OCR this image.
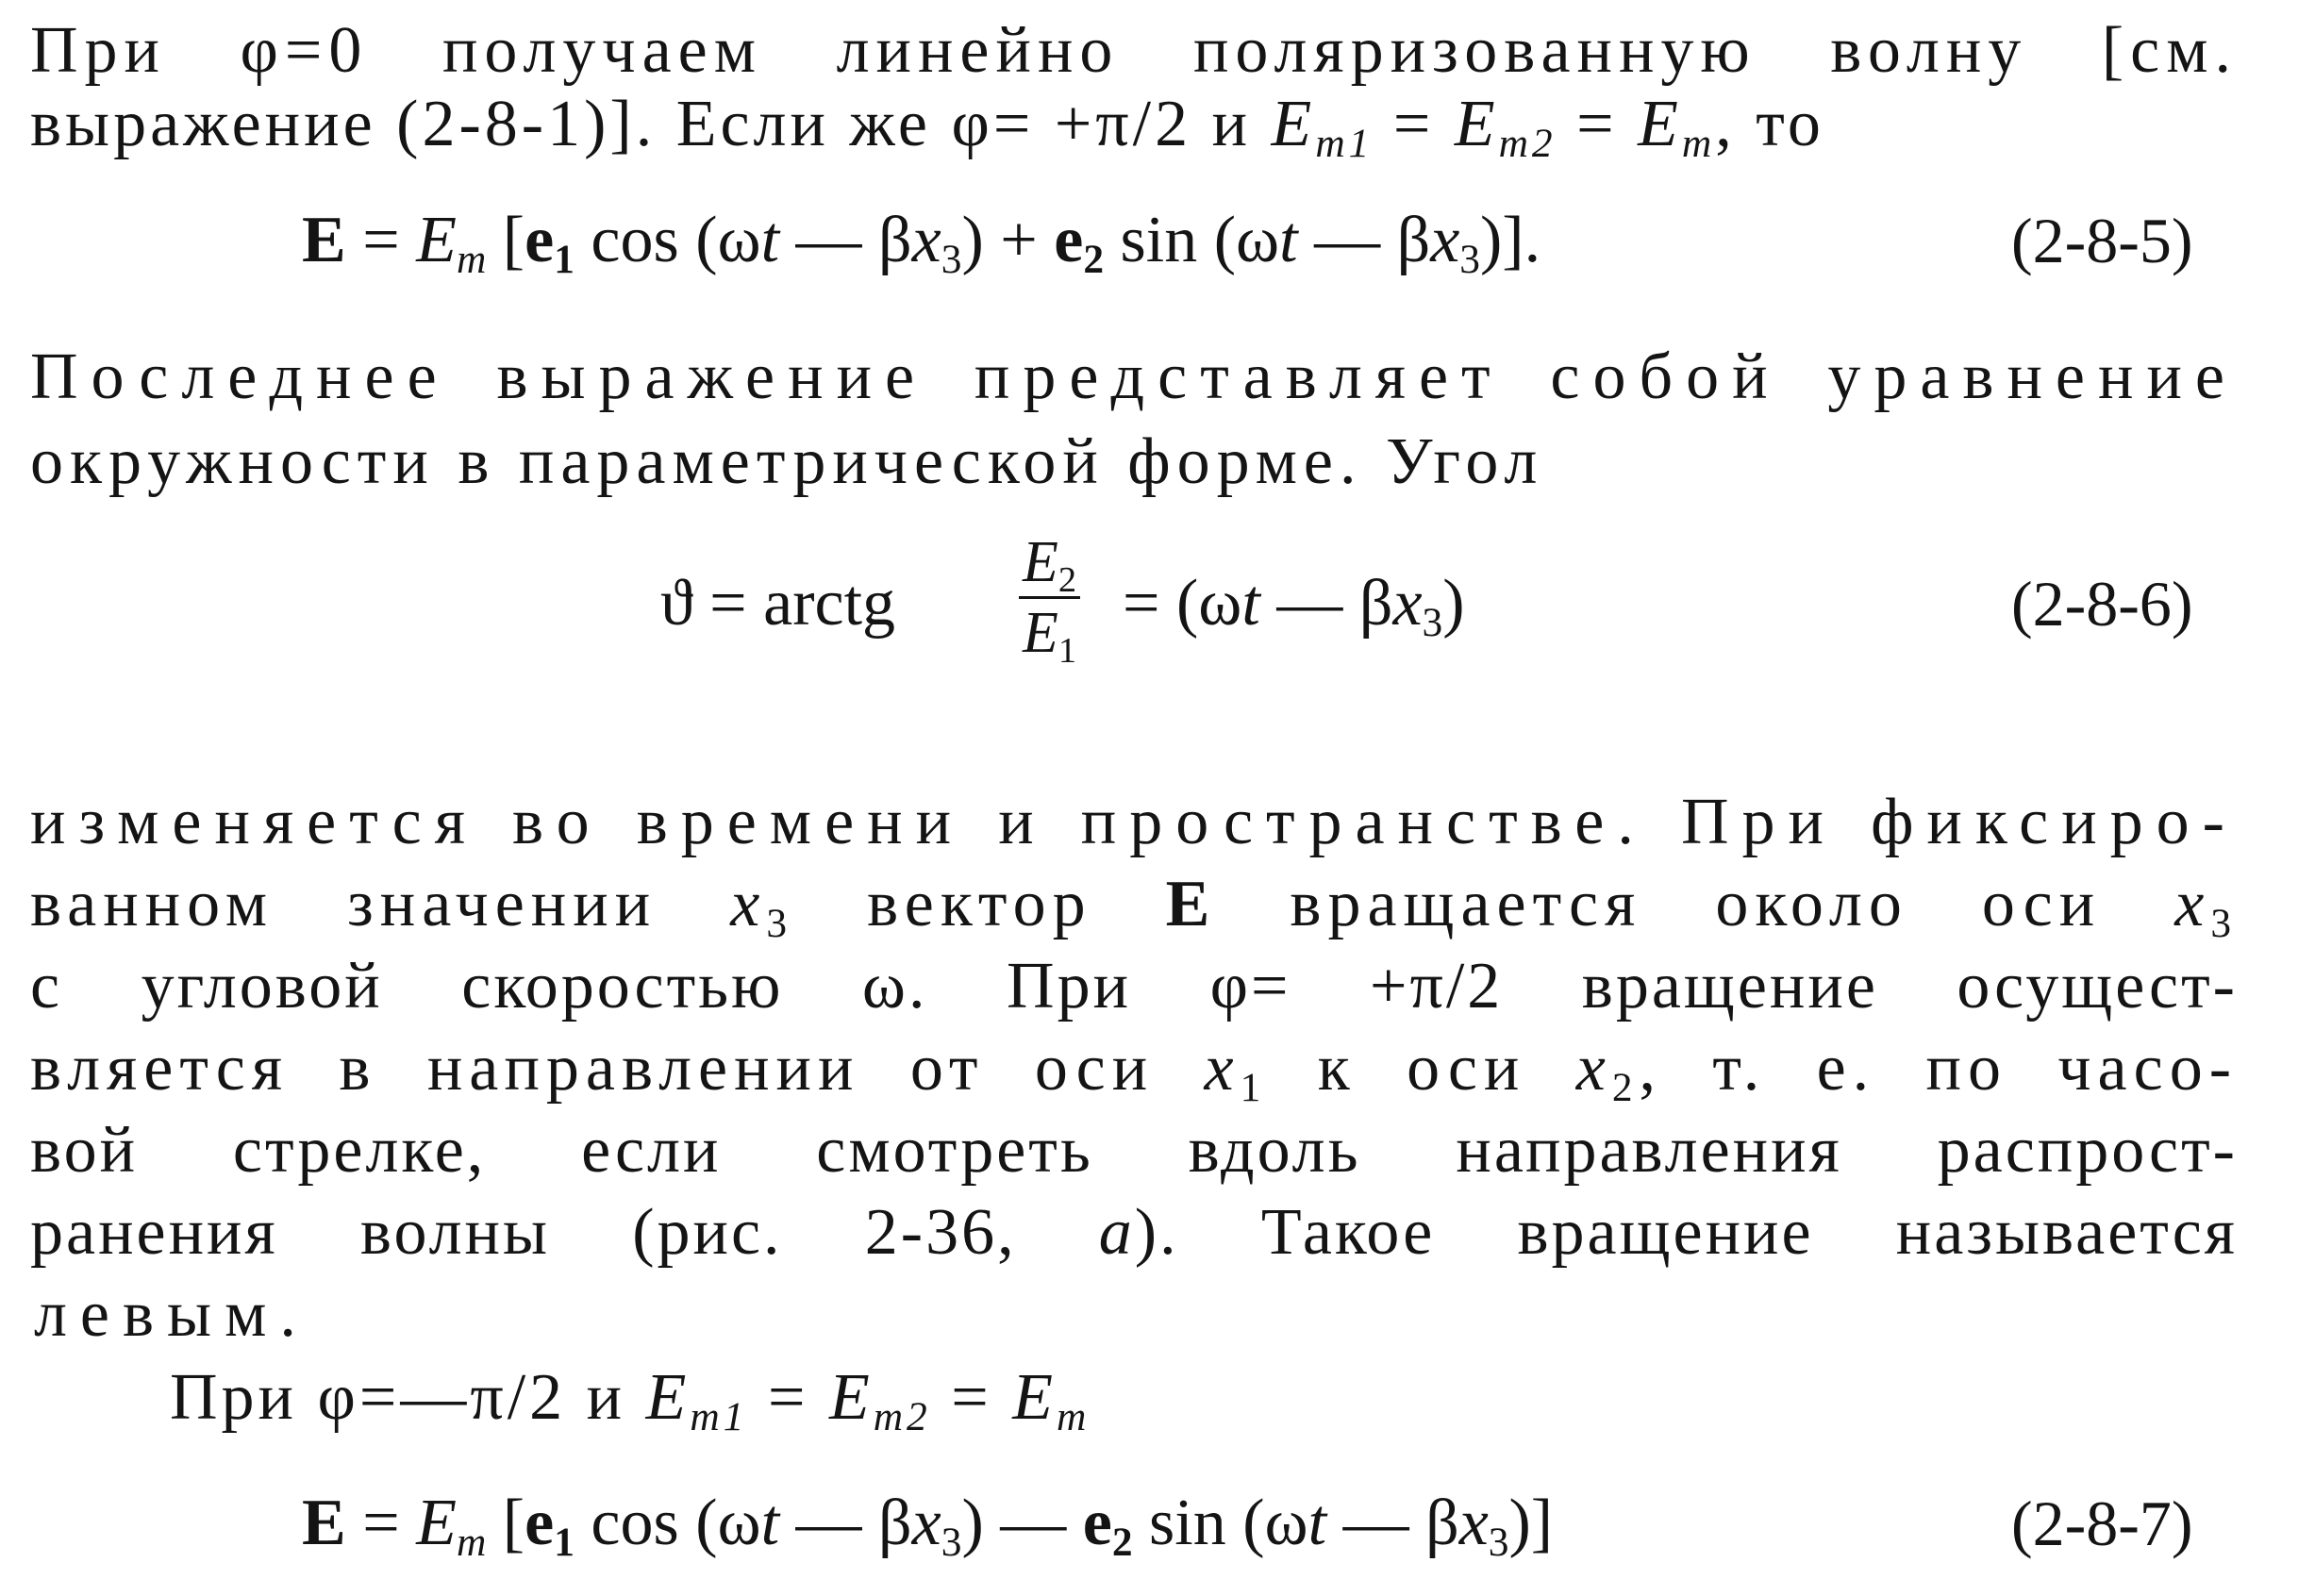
При φ=0 получаем линейно поляризованную волну [см.
выражение (2-8-1)]. Если же φ= +π/2 и $E_{m1} = E_{m2} = E_m$, то
$E = E_m$ [$e_1$ cos (ωt — $\beta x_3) + e_2$ sin (ωt — $\beta x_3$)].	(2-8-5)
Последнее выражение представляет собой уравнение
окружности в параметрической форме. Угол
ϑ = arctg $\frac{E_2}{E_1} = (\omega t$ — $\beta x_3$)	(2-8-6)
изменяется во времени и пространстве. При фиксиро-
ванном значении $x_3$ вектор E вращается около оси $x_3$
с угловой скоростью ω. При φ= +π/2 вращение осущест-
вляется в направлении от оси $x_1$ к оси $x_2$, т. е. по часо-
вой стрелке, если смотреть вдоль направления распрост-
ранения волны (рис. 2-36, a). Такое вращение называется
левым.
При φ=—π/2 и $E_{m1} = E_{m2} = E_m$
$E = E_m$ [$e_1$ cos (ωt — $\beta x_3$) — $e_2$ sin (ωt — $\beta x_3$)]	(2-8-7)
